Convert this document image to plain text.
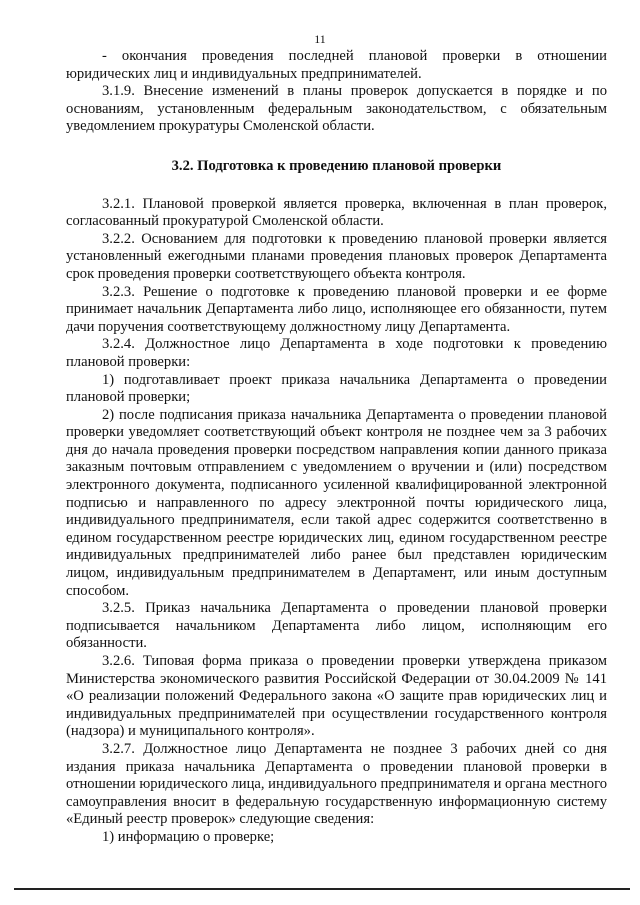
11

- окончания проведения последней плановой проверки в отношении юридических лиц и индивидуальных предпринимателей.

3.1.9. Внесение изменений в планы проверок допускается в порядке и по основаниям, установленным федеральным законодательством, с обязательным уведомлением прокуратуры Смоленской области.

3.2. Подготовка к проведению плановой проверки

3.2.1. Плановой проверкой является проверка, включенная в план проверок, согласованный прокуратурой Смоленской области.

3.2.2. Основанием для подготовки к проведению плановой проверки является установленный ежегодными планами проведения плановых проверок Департамента срок проведения проверки соответствующего объекта контроля.

3.2.3. Решение о подготовке к проведению плановой проверки и ее форме принимает начальник Департамента либо лицо, исполняющее его обязанности, путем дачи поручения соответствующему должностному лицу Департамента.

3.2.4. Должностное лицо Департамента в ходе подготовки к проведению плановой проверки:

1) подготавливает проект приказа начальника Департамента о проведении плановой проверки;

2) после подписания приказа начальника Департамента о проведении плановой проверки уведомляет соответствующий объект контроля не позднее чем за 3 рабочих дня до начала проведения проверки посредством направления копии данного приказа заказным почтовым отправлением с уведомлением о вручении и (или) посредством электронного документа, подписанного усиленной квалифицированной электронной подписью и направленного по адресу электронной почты юридического лица, индивидуального предпринимателя, если такой адрес содержится соответственно в едином государственном реестре юридических лиц, едином государственном реестре индивидуальных предпринимателей либо ранее был представлен юридическим лицом, индивидуальным предпринимателем в Департамент, или иным доступным способом.

3.2.5. Приказ начальника Департамента о проведении плановой проверки подписывается начальником Департамента либо лицом, исполняющим его обязанности.

3.2.6. Типовая форма приказа о проведении проверки утверждена приказом Министерства экономического развития Российской Федерации от 30.04.2009 № 141 «О реализации положений Федерального закона «О защите прав юридических лиц и индивидуальных предпринимателей при осуществлении государственного контроля (надзора) и муниципального контроля».

3.2.7. Должностное лицо Департамента не позднее 3 рабочих дней со дня издания приказа начальника Департамента о проведении плановой проверки в отношении юридического лица, индивидуального предпринимателя и органа местного самоуправления вносит в федеральную государственную информационную систему «Единый реестр проверок» следующие сведения:

1) информацию о проверке;
